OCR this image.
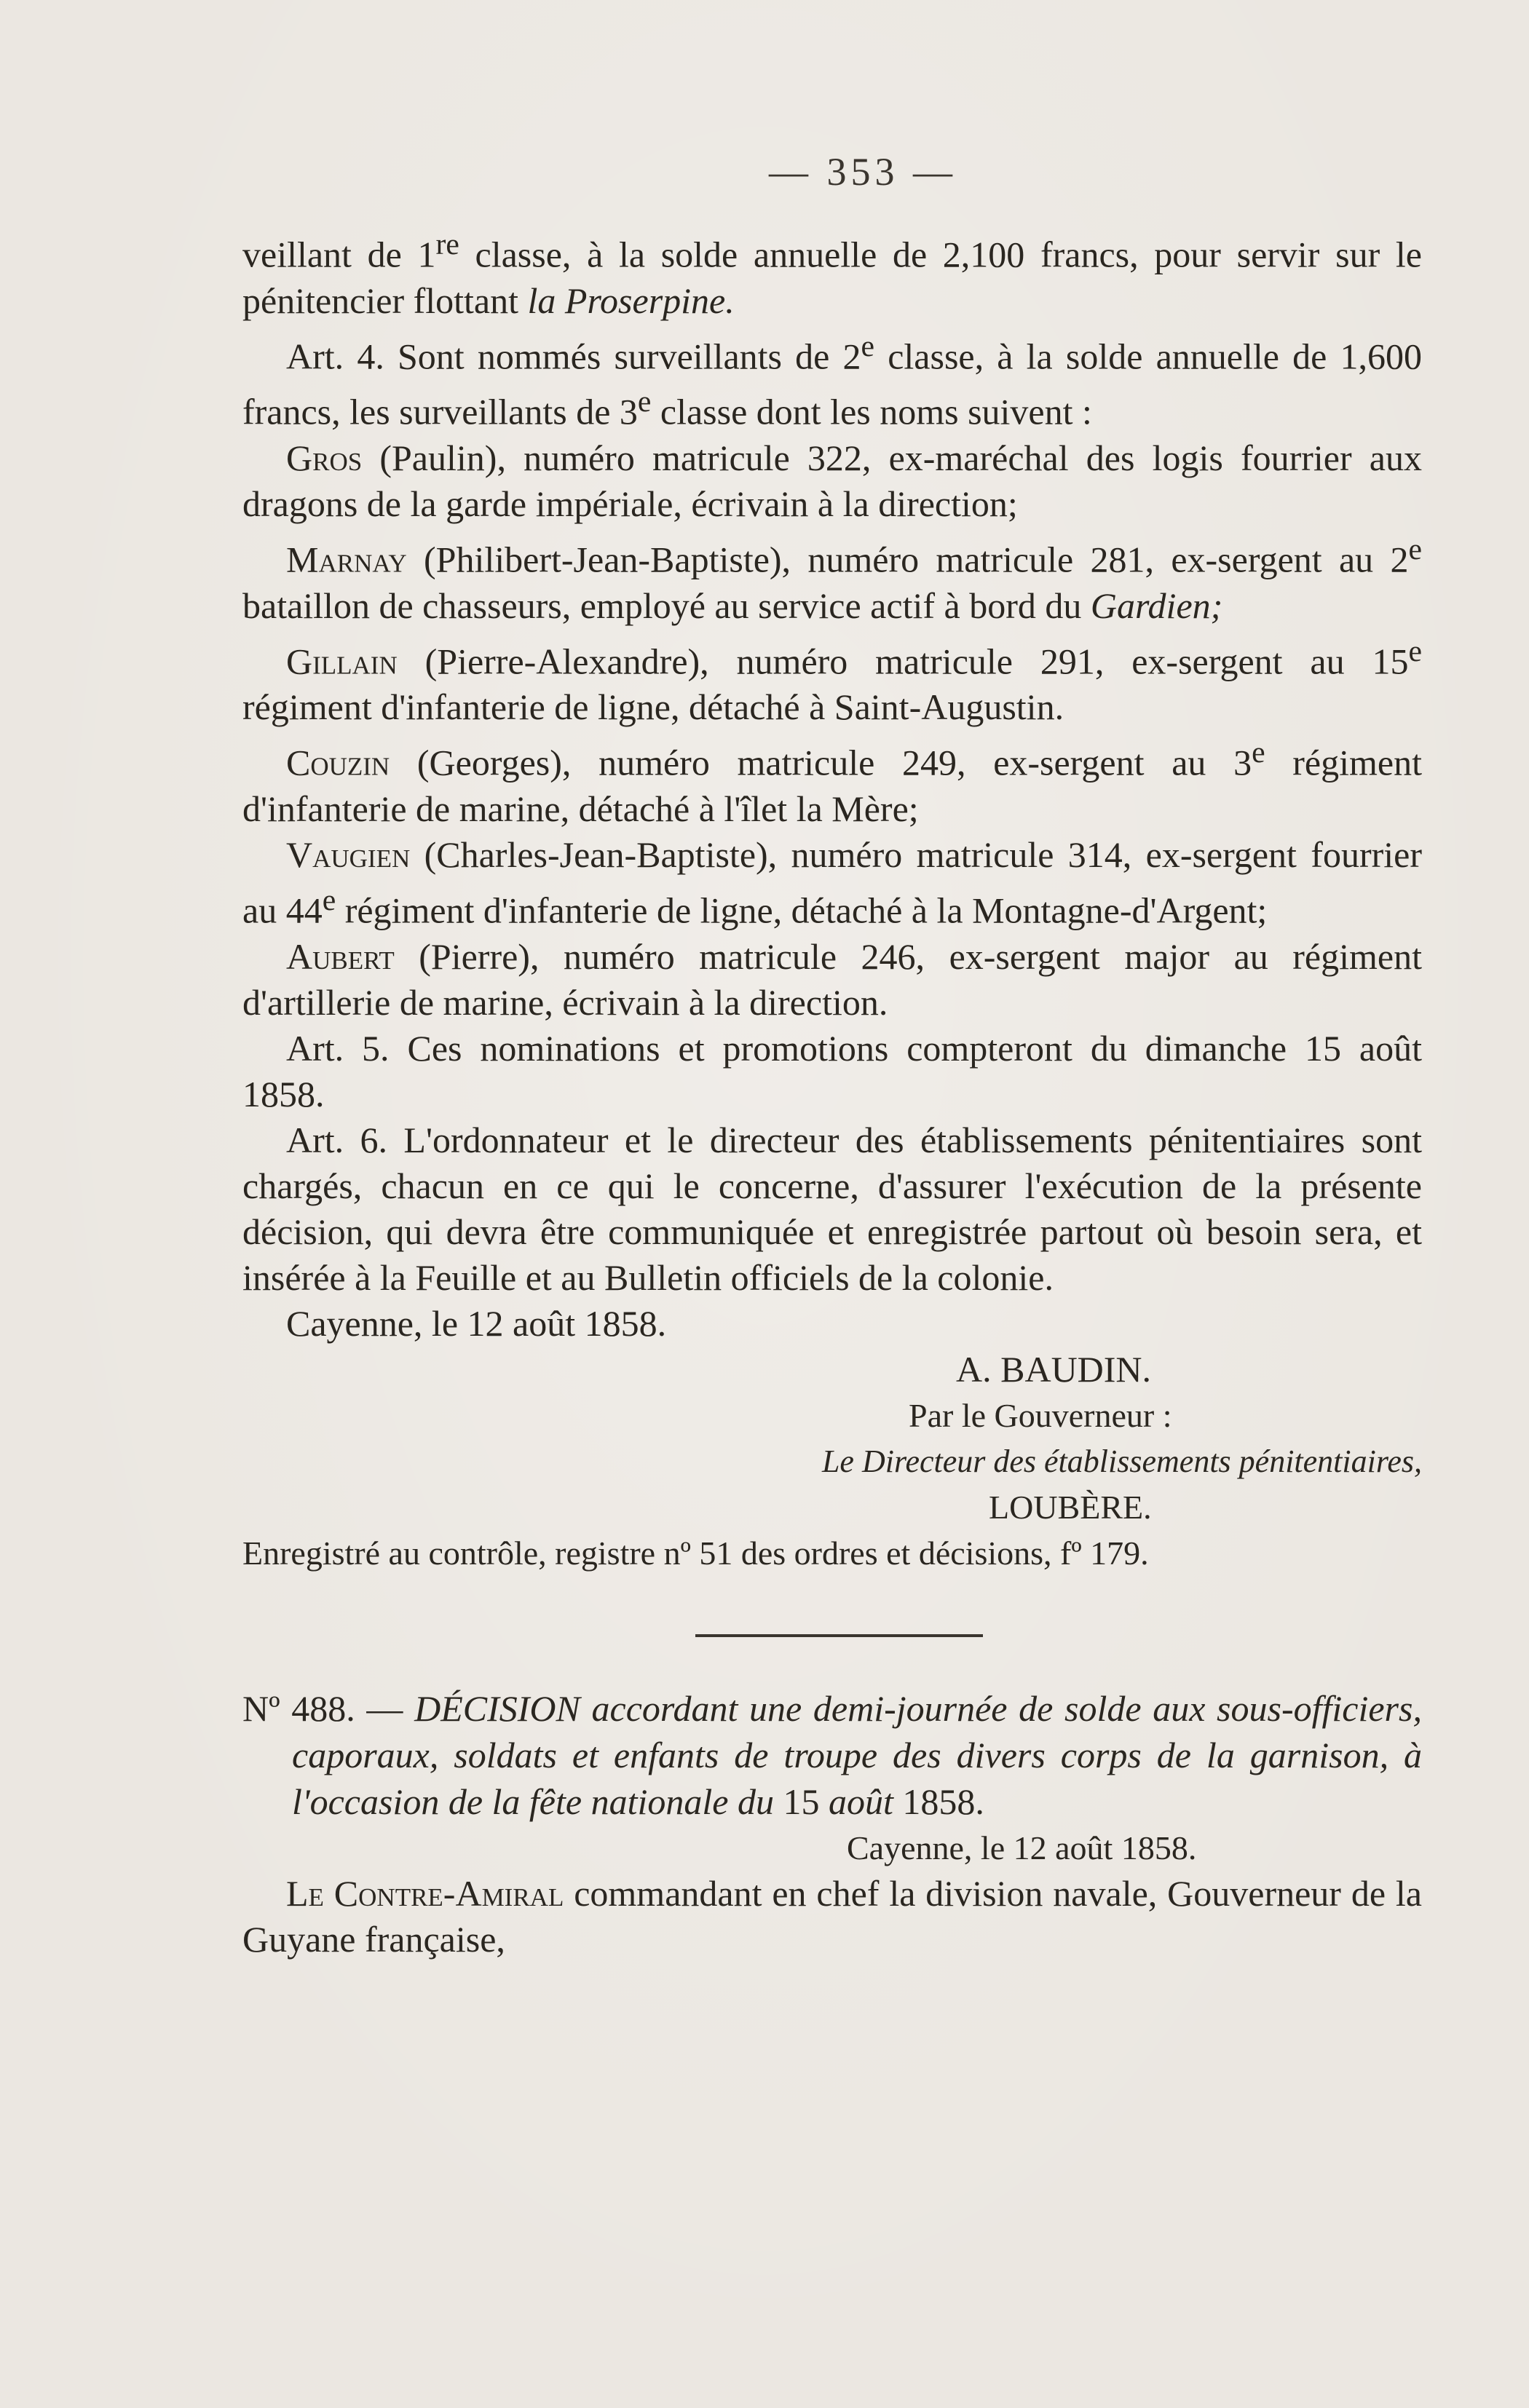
— 353 —

veillant de 1re classe, à la solde annuelle de 2,100 francs, pour servir sur le pénitencier flottant la Proserpine.

Art. 4. Sont nommés surveillants de 2e classe, à la solde annuelle de 1,600 francs, les surveillants de 3e classe dont les noms suivent :

Gros (Paulin), numéro matricule 322, ex-maréchal des logis fourrier aux dragons de la garde impériale, écrivain à la direction;

Marnay (Philibert-Jean-Baptiste), numéro matricule 281, ex-sergent au 2e bataillon de chasseurs, employé au service actif à bord du Gardien;

Gillain (Pierre-Alexandre), numéro matricule 291, ex-sergent au 15e régiment d'infanterie de ligne, détaché à Saint-Augustin.

Couzin (Georges), numéro matricule 249, ex-sergent au 3e régiment d'infanterie de marine, détaché à l'îlet la Mère;

Vaugien (Charles-Jean-Baptiste), numéro matricule 314, ex-sergent fourrier au 44e régiment d'infanterie de ligne, détaché à la Montagne-d'Argent;

Aubert (Pierre), numéro matricule 246, ex-sergent major au régiment d'artillerie de marine, écrivain à la direction.

Art. 5. Ces nominations et promotions compteront du dimanche 15 août 1858.

Art. 6. L'ordonnateur et le directeur des établissements pénitentiaires sont chargés, chacun en ce qui le concerne, d'assurer l'exécution de la présente décision, qui devra être communiquée et enregistrée partout où besoin sera, et insérée à la Feuille et au Bulletin officiels de la colonie.

Cayenne, le 12 août 1858.

A. BAUDIN.

Par le Gouverneur :

Le Directeur des établissements pénitentiaires,

LOUBÈRE.

Enregistré au contrôle, registre nº 51 des ordres et décisions, fº 179.

Nº 488. — DÉCISION accordant une demi-journée de solde aux sous-officiers, caporaux, soldats et enfants de troupe des divers corps de la garnison, à l'occasion de la fête nationale du 15 août 1858.

Cayenne, le 12 août 1858.

Le Contre-Amiral commandant en chef la division navale, Gouverneur de la Guyane française,
